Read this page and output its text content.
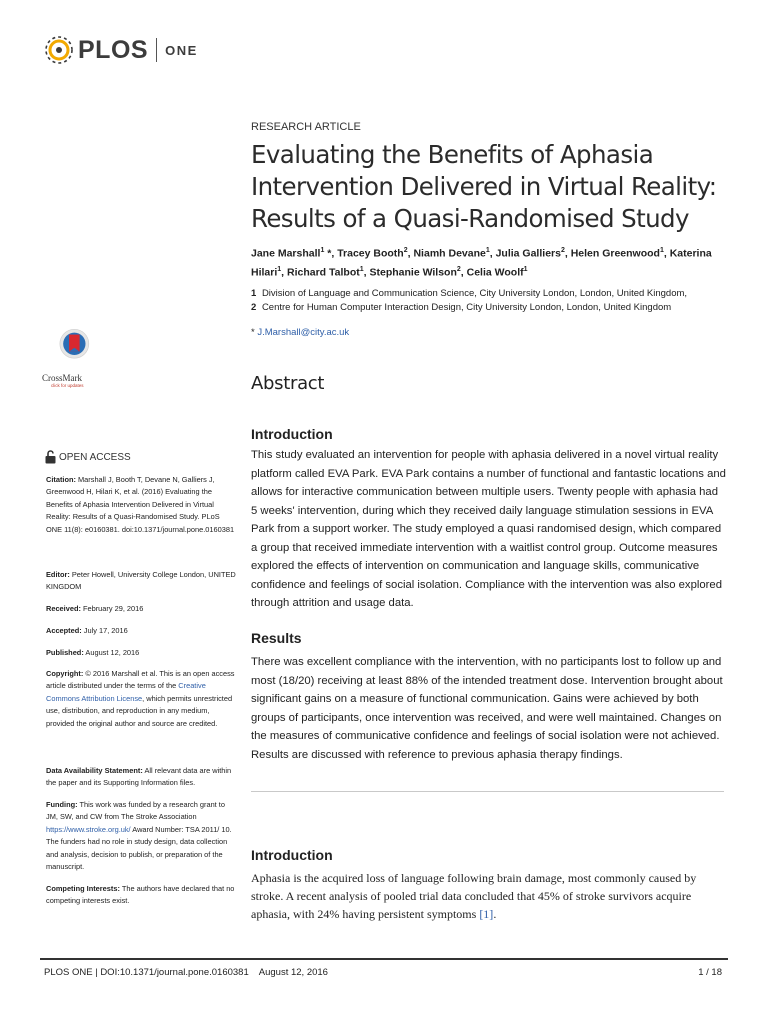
PLOS ONE
RESEARCH ARTICLE
Evaluating the Benefits of Aphasia Intervention Delivered in Virtual Reality: Results of a Quasi-Randomised Study

Jane Marshall$^1$ *, Tracey Booth$^2$, Niamh Devane$^1$, Julia Galliers$^2$, Helen Greenwood$^1$, Katerina Hilari$^1$, Richard Talbot$^1$, Stephanie Wilson$^2$, Celia Woolf$^1$

1 Division of Language and Communication Science, City University London, London, United Kingdom,
2 Centre for Human Computer Interaction Design, City University London, London, United Kingdom
* J.Marshall@city.ac.uk
Abstract
Introduction

This study evaluated an intervention for people with aphasia delivered in a novel virtual reality platform called EVA Park. EVA Park contains a number of functional and fantastic locations and allows for interactive communication between multiple users. Twenty people with aphasia had 5 weeks' intervention, during which they received daily language stimulation sessions in EVA Park from a support worker. The study employed a quasi randomised design, which compared a group that received immediate intervention with a waitlist control group. Outcome measures explored the effects of intervention on communication and language skills, communicative confidence and feelings of social isolation. Compliance with the intervention was also explored through attrition and usage data.

Results

There was excellent compliance with the intervention, with no participants lost to follow up and most (18/20) receiving at least 88% of the intended treatment dose. Intervention brought about significant gains on a measure of functional communication. Gains were achieved by both groups of participants, once intervention was received, and were well maintained. Changes on the measures of communicative confidence and feelings of social isolation were not achieved. Results are discussed with reference to previous aphasia therapy findings.

Introduction

Aphasia is the acquired loss of language following brain damage, most commonly caused by stroke. A recent analysis of pooled trial data concluded that 45% of stroke survivors acquire aphasia, with 24% having persistent symptoms [1].

CrossMark
click for updates
OPEN ACCESS

Citation: Marshall J, Booth T, Devane N, Galliers J, Greenwood H, Hilari K, et al. (2016) Evaluating the Benefits of Aphasia Intervention Delivered in Virtual Reality: Results of a Quasi-Randomised Study. PLoS ONE 11(8): e0160381. doi:10.1371/journal.pone.0160381

Editor: Peter Howell, University College London, UNITED KINGDOM

Received: February 29, 2016

Accepted: July 17, 2016

Published: August 12, 2016

Copyright: © 2016 Marshall et al. This is an open access article distributed under the terms of the Creative Commons Attribution License, which permits unrestricted use, distribution, and reproduction in any medium, provided the original author and source are credited.

Data Availability Statement: All relevant data are within the paper and its Supporting Information files.

Funding: This work was funded by a research grant to JM, SW, and CW from The Stroke Association https://www.stroke.org.uk/ Award Number: TSA 2011/ 10. The funders had no role in study design, data collection and analysis, decision to publish, or preparation of the manuscript.

Competing Interests: The authors have declared that no competing interests exist.

PLOS ONE | DOI:10.1371/journal.pone.0160381    August 12, 2016	1 / 18
